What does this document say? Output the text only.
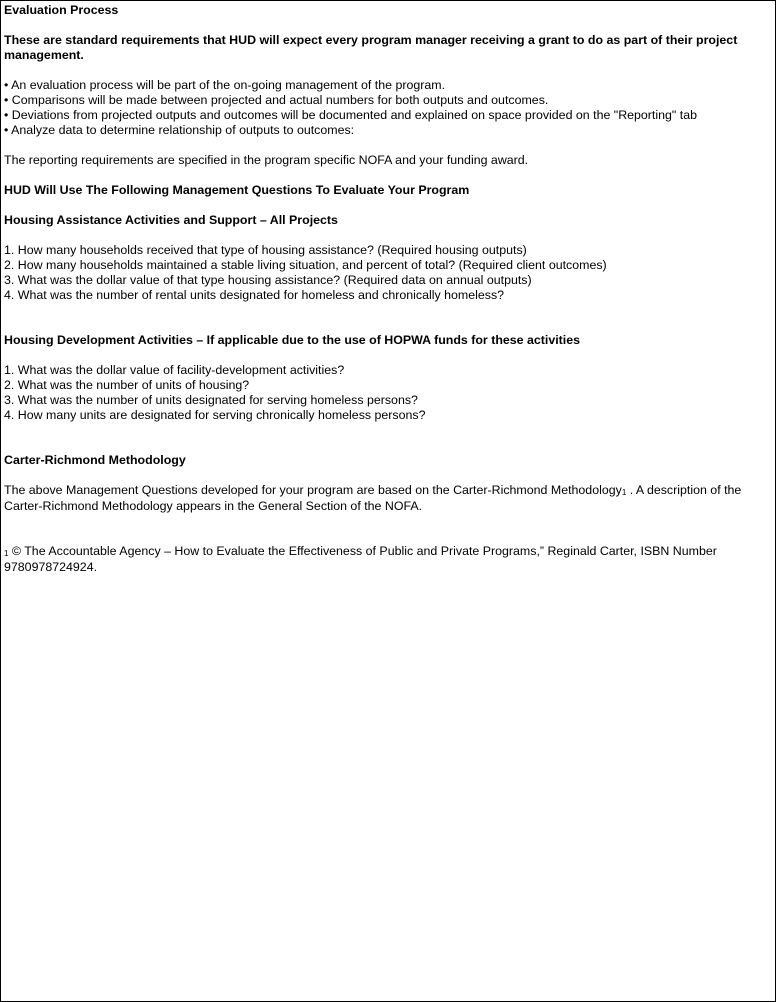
Evaluation Process

These are standard requirements that HUD will expect every program manager receiving a grant to do as part of their project management.

• An evaluation process will be part of the on-going management of the program.

• Comparisons will be made between projected and actual numbers for both outputs and outcomes.

• Deviations from projected outputs and outcomes will be documented and explained on space provided on the "Reporting" tab

• Analyze data to determine relationship of outputs to outcomes:

The reporting requirements are specified in the program specific NOFA and your funding award.

HUD Will Use The Following Management Questions To Evaluate Your Program

Housing Assistance Activities and Support – All Projects

1. How many households received that type of housing assistance? (Required housing outputs)

2. How many households maintained a stable living situation, and percent of total? (Required client outcomes)

3. What was the dollar value of that type housing assistance? (Required data on annual outputs)

4. What was the number of rental units designated for homeless and chronically homeless?

Housing Development Activities – If applicable due to the use of HOPWA funds for these activities

1. What was the dollar value of facility-development activities?

2. What was the number of units of housing?

3. What was the number of units designated for serving homeless persons?

4. How many units are designated for serving chronically homeless persons?

Carter-Richmond Methodology

The above Management Questions developed for your program are based on the Carter-Richmond Methodology1 . A description of the Carter-Richmond Methodology appears in the General Section of the NOFA.

1 © The Accountable Agency – How to Evaluate the Effectiveness of Public and Private Programs,” Reginald Carter, ISBN Number 9780978724924.
